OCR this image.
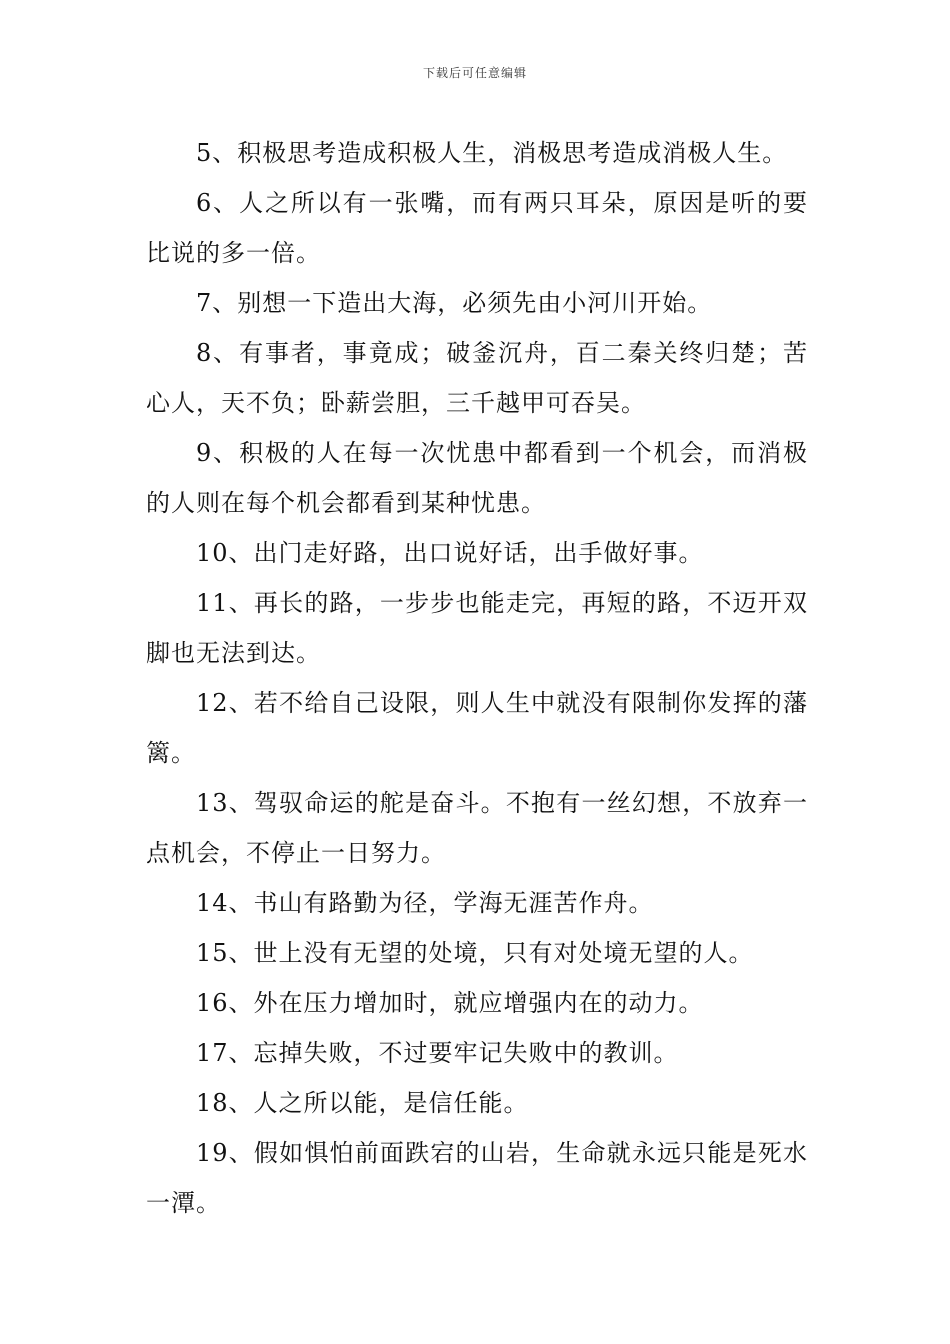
下载后可任意编辑

5、积极思考造成积极人生，消极思考造成消极人生。

6、人之所以有一张嘴，而有两只耳朵，原因是听的要比说的多一倍。

7、别想一下造出大海，必须先由小河川开始。

8、有事者，事竟成；破釜沉舟，百二秦关终归楚；苦心人，天不负；卧薪尝胆，三千越甲可吞吴。

9、积极的人在每一次忧患中都看到一个机会，而消极的人则在每个机会都看到某种忧患。

10、出门走好路，出口说好话，出手做好事。

11、再长的路，一步步也能走完，再短的路，不迈开双脚也无法到达。

12、若不给自己设限，则人生中就没有限制你发挥的藩篱。

13、驾驭命运的舵是奋斗。不抱有一丝幻想，不放弃一点机会，不停止一日努力。

14、书山有路勤为径，学海无涯苦作舟。

15、世上没有无望的处境，只有对处境无望的人。

16、外在压力增加时，就应增强内在的动力。

17、忘掉失败，不过要牢记失败中的教训。

18、人之所以能，是信任能。

19、假如惧怕前面跌宕的山岩，生命就永远只能是死水一潭。
